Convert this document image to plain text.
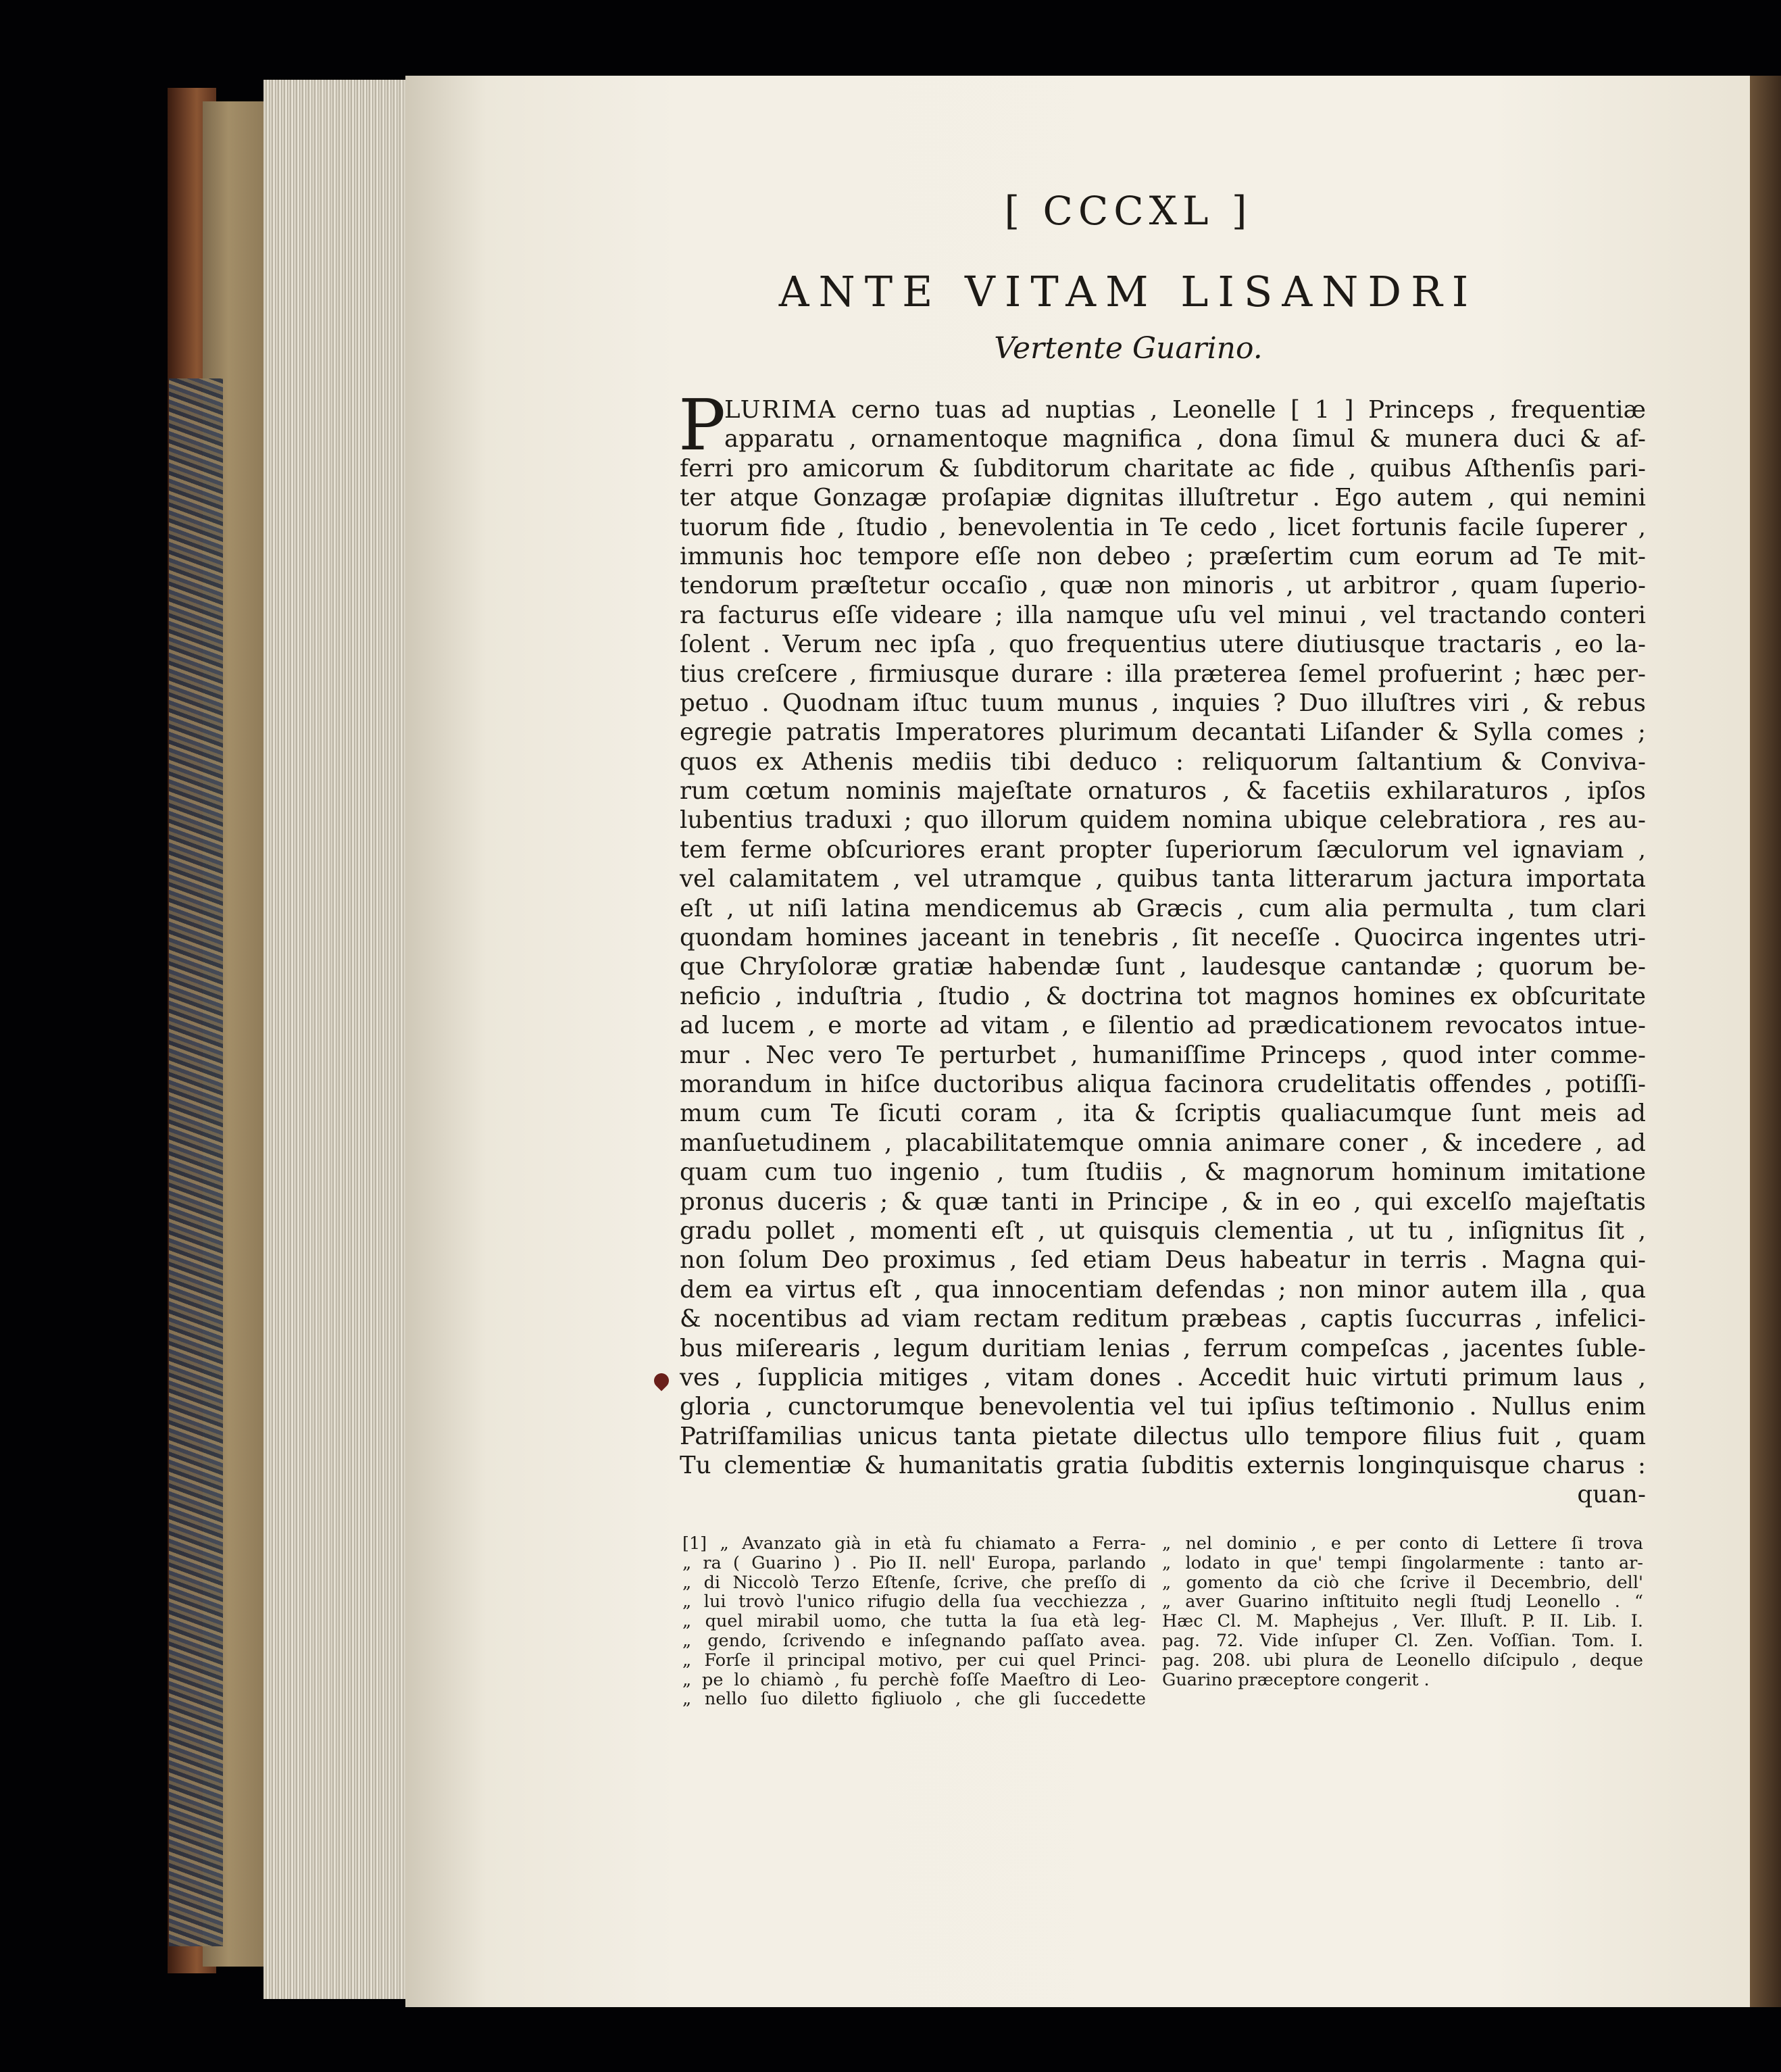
[ CCCXL ]
ANTE VITAM LISANDRI
Vertente Guarino.
P
LURIMA cerno tuas ad nuptias , Leonelle [ 1 ] Princeps , frequentiæ
apparatu , ornamentoque magnifica , dona ſimul & munera duci & af-
ferri pro amicorum & ſubditorum charitate ac fide , quibus Aſthenſis pari-
ter atque Gonzagæ proſapiæ dignitas illuſtretur . Ego autem , qui nemini
tuorum fide , ſtudio , benevolentia in Te cedo , licet fortunis facile ſuperer ,
immunis hoc tempore eſſe non debeo ; præſertim cum eorum ad Te mit-
tendorum præſtetur occaſio , quæ non minoris , ut arbitror , quam ſuperio-
ra facturus eſſe videare ; illa namque uſu vel minui , vel tractando conteri
ſolent . Verum nec ipſa , quo frequentius utere diutiusque tractaris , eo la-
tius creſcere , firmiusque durare : illa præterea ſemel profuerint ; hæc per-
petuo . Quodnam iſtuc tuum munus , inquies ? Duo illuſtres viri , & rebus
egregie patratis Imperatores plurimum decantati Liſander & Sylla comes ;
quos ex Athenis mediis tibi deduco : reliquorum ſaltantium & Conviva-
rum cœtum nominis majeſtate ornaturos , & facetiis exhilaraturos , ipſos
lubentius traduxi ; quo illorum quidem nomina ubique celebratiora , res au-
tem ferme obſcuriores erant propter ſuperiorum ſæculorum vel ignaviam ,
vel calamitatem , vel utramque , quibus tanta litterarum jactura importata
eſt , ut niſi latina mendicemus ab Græcis , cum alia permulta , tum clari
quondam homines jaceant in tenebris , ſit neceſſe . Quocirca ingentes utri-
que Chryſoloræ gratiæ habendæ ſunt , laudesque cantandæ ; quorum be-
neficio , induſtria , ſtudio , & doctrina tot magnos homines ex obſcuritate
ad lucem , e morte ad vitam , e ſilentio ad prædicationem revocatos intue-
mur . Nec vero Te perturbet , humaniſſime Princeps , quod inter comme-
morandum in hiſce ductoribus aliqua facinora crudelitatis offendes , potiſſi-
mum cum Te ſicuti coram , ita & ſcriptis qualiacumque ſunt meis ad
manſuetudinem , placabilitatemque omnia animare coner , & incedere , ad
quam cum tuo ingenio , tum ſtudiis , & magnorum hominum imitatione
pronus duceris ; & quæ tanti in Principe , & in eo , qui excelſo majeſtatis
gradu pollet , momenti eſt , ut quisquis clementia , ut tu , inſignitus ſit ,
non ſolum Deo proximus , ſed etiam Deus habeatur in terris . Magna qui-
dem ea virtus eſt , qua innocentiam defendas ; non minor autem illa , qua
& nocentibus ad viam rectam reditum præbeas , captis ſuccurras , infelici-
bus miſerearis , legum duritiam lenias , ferrum compeſcas , jacentes ſuble-
ves , ſupplicia mitiges , vitam dones . Accedit huic virtuti primum laus ,
gloria , cunctorumque benevolentia vel tui ipſius teſtimonio . Nullus enim
Patriſfamilias unicus tanta pietate dilectus ullo tempore filius fuit , quam
Tu clementiæ & humanitatis gratia ſubditis externis longinquisque charus :
quan-
[1] „ Avanzato già in età fu chiamato a Ferra-
„ ra ( Guarino ) . Pio II. nell' Europa, parlando
„ di Niccolò Terzo Eſtenſe, ſcrive, che preſſo di
„ lui trovò l'unico rifugio della ſua vecchiezza ,
„ quel mirabil uomo, che tutta la ſua età leg-
„ gendo, ſcrivendo e inſegnando paſſato avea.
„ Forſe il principal motivo, per cui quel Princi-
„ pe lo chiamò , fu perchè foſſe Maeſtro di Leo-
„ nello ſuo diletto figliuolo , che gli ſuccedette
„ nel dominio , e per conto di Lettere ſi trova
„ lodato in que' tempi ſingolarmente : tanto ar-
„ gomento da ciò che ſcrive il Decembrio, dell'
„ aver Guarino inſtituito negli ſtudj Leonello . “
Hæc Cl. M. Maphejus , Ver. Illuſt. P. II. Lib. I.
pag. 72. Vide inſuper Cl. Zen. Voſſian. Tom. I.
pag. 208. ubi plura de Leonello diſcipulo , deque
Guarino præceptore congerit .
